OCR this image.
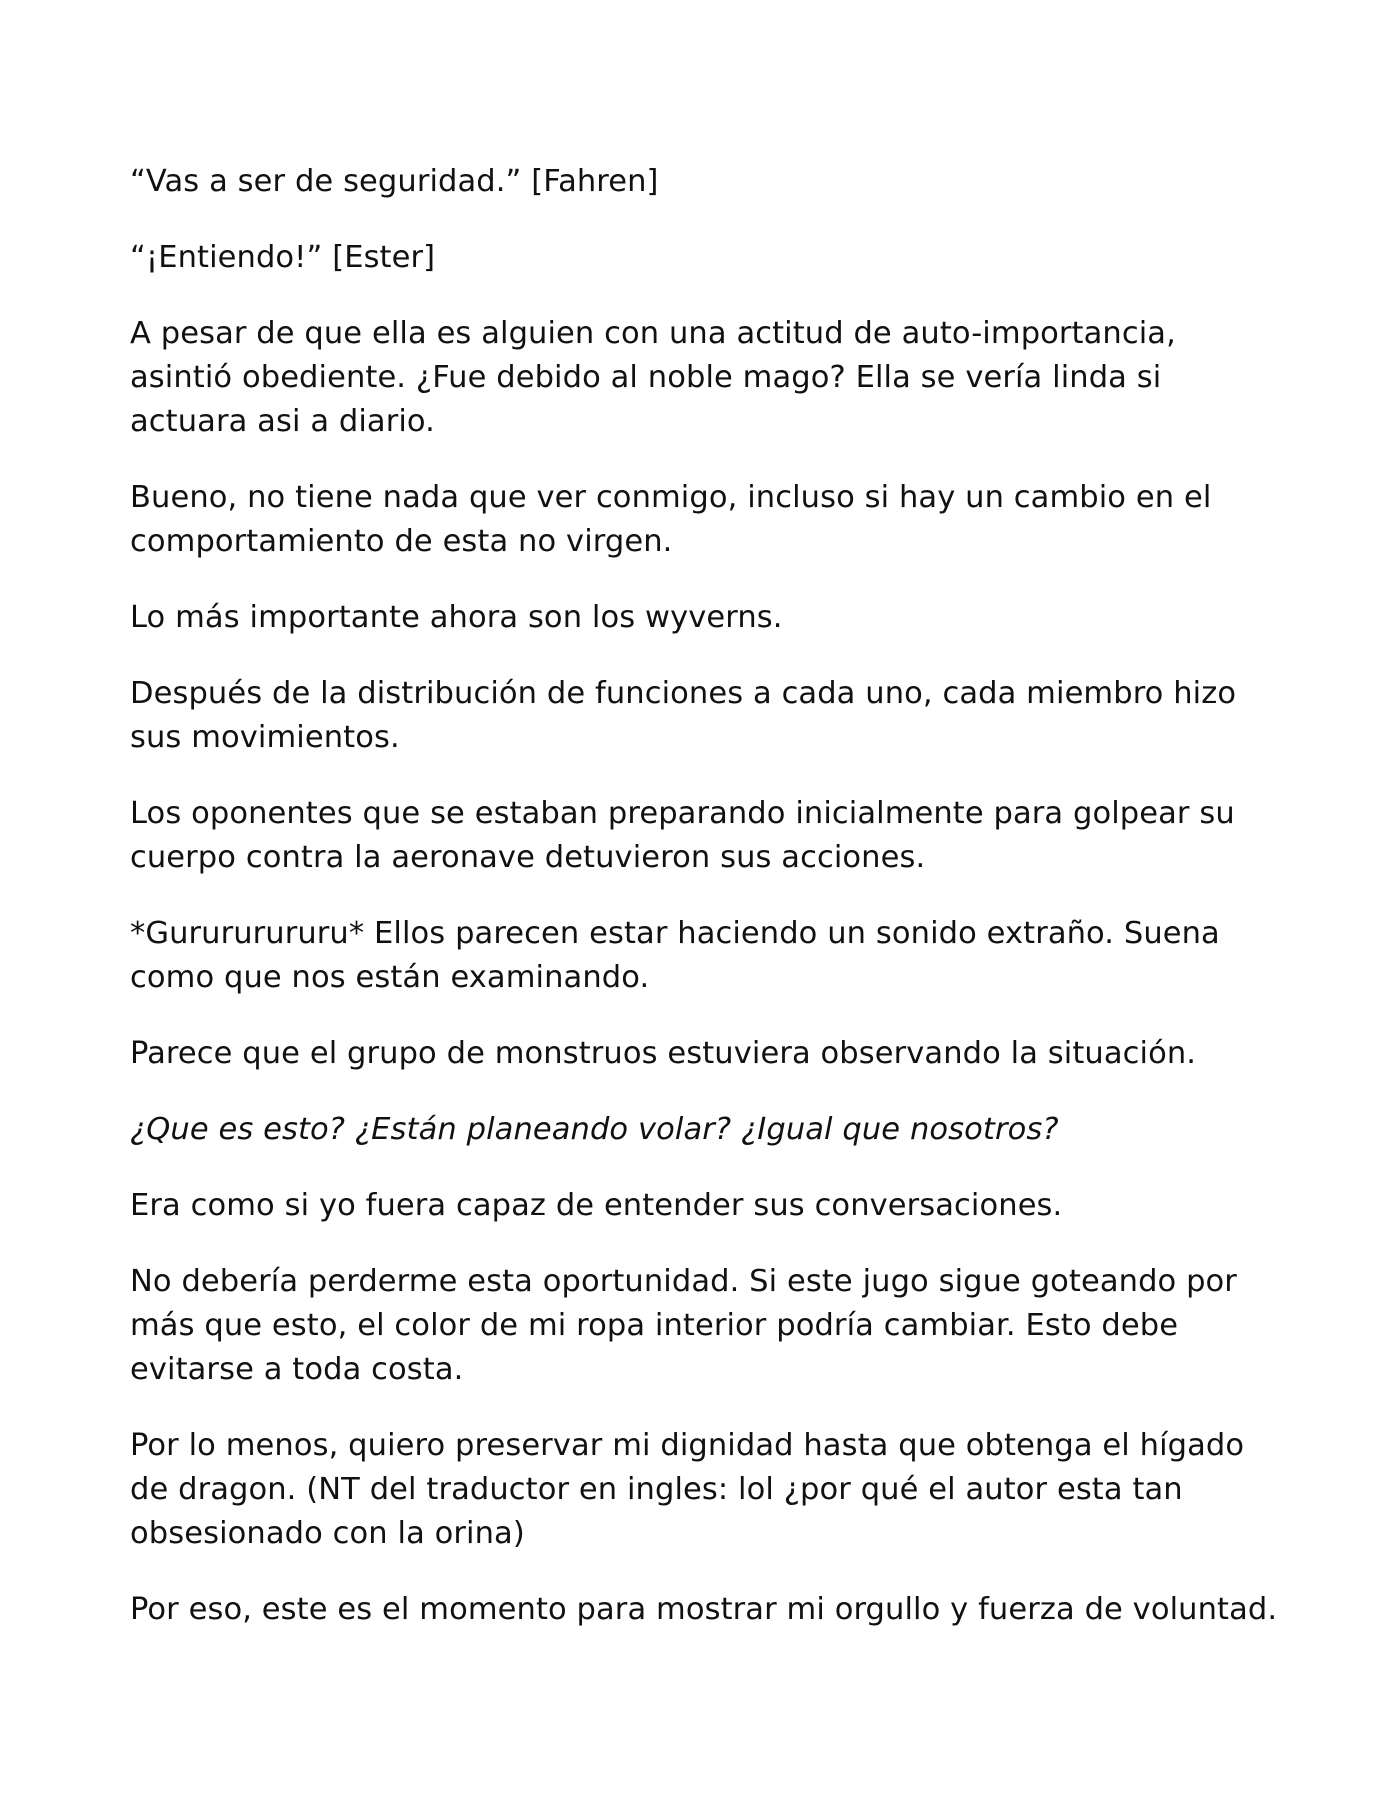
“Vas a ser de seguridad.” [Fahren]

“¡Entiendo!” [Ester]

A pesar de que ella es alguien con una actitud de auto-importancia, asintió obediente. ¿Fue debido al noble mago? Ella se vería linda si actuara asi a diario.

Bueno, no tiene nada que ver conmigo, incluso si hay un cambio en el comportamiento de esta no virgen.

Lo más importante ahora son los wyverns.

Después de la distribución de funciones a cada uno, cada miembro hizo sus movimientos.

Los oponentes que se estaban preparando inicialmente para golpear su cuerpo contra la aeronave detuvieron sus acciones.

*Gurururururu* Ellos parecen estar haciendo un sonido extraño. Suena como que nos están examinando.

Parece que el grupo de monstruos estuviera observando la situación.

¿Que es esto? ¿Están planeando volar? ¿Igual que nosotros?

Era como si yo fuera capaz de entender sus conversaciones.

No debería perderme esta oportunidad. Si este jugo sigue goteando por más que esto, el color de mi ropa interior podría cambiar. Esto debe evitarse a toda costa.

Por lo menos, quiero preservar mi dignidad hasta que obtenga el hígado de dragon. (NT del traductor en ingles: lol ¿por qué el autor esta tan obsesionado con la orina)

Por eso, este es el momento para mostrar mi orgullo y fuerza de voluntad.
